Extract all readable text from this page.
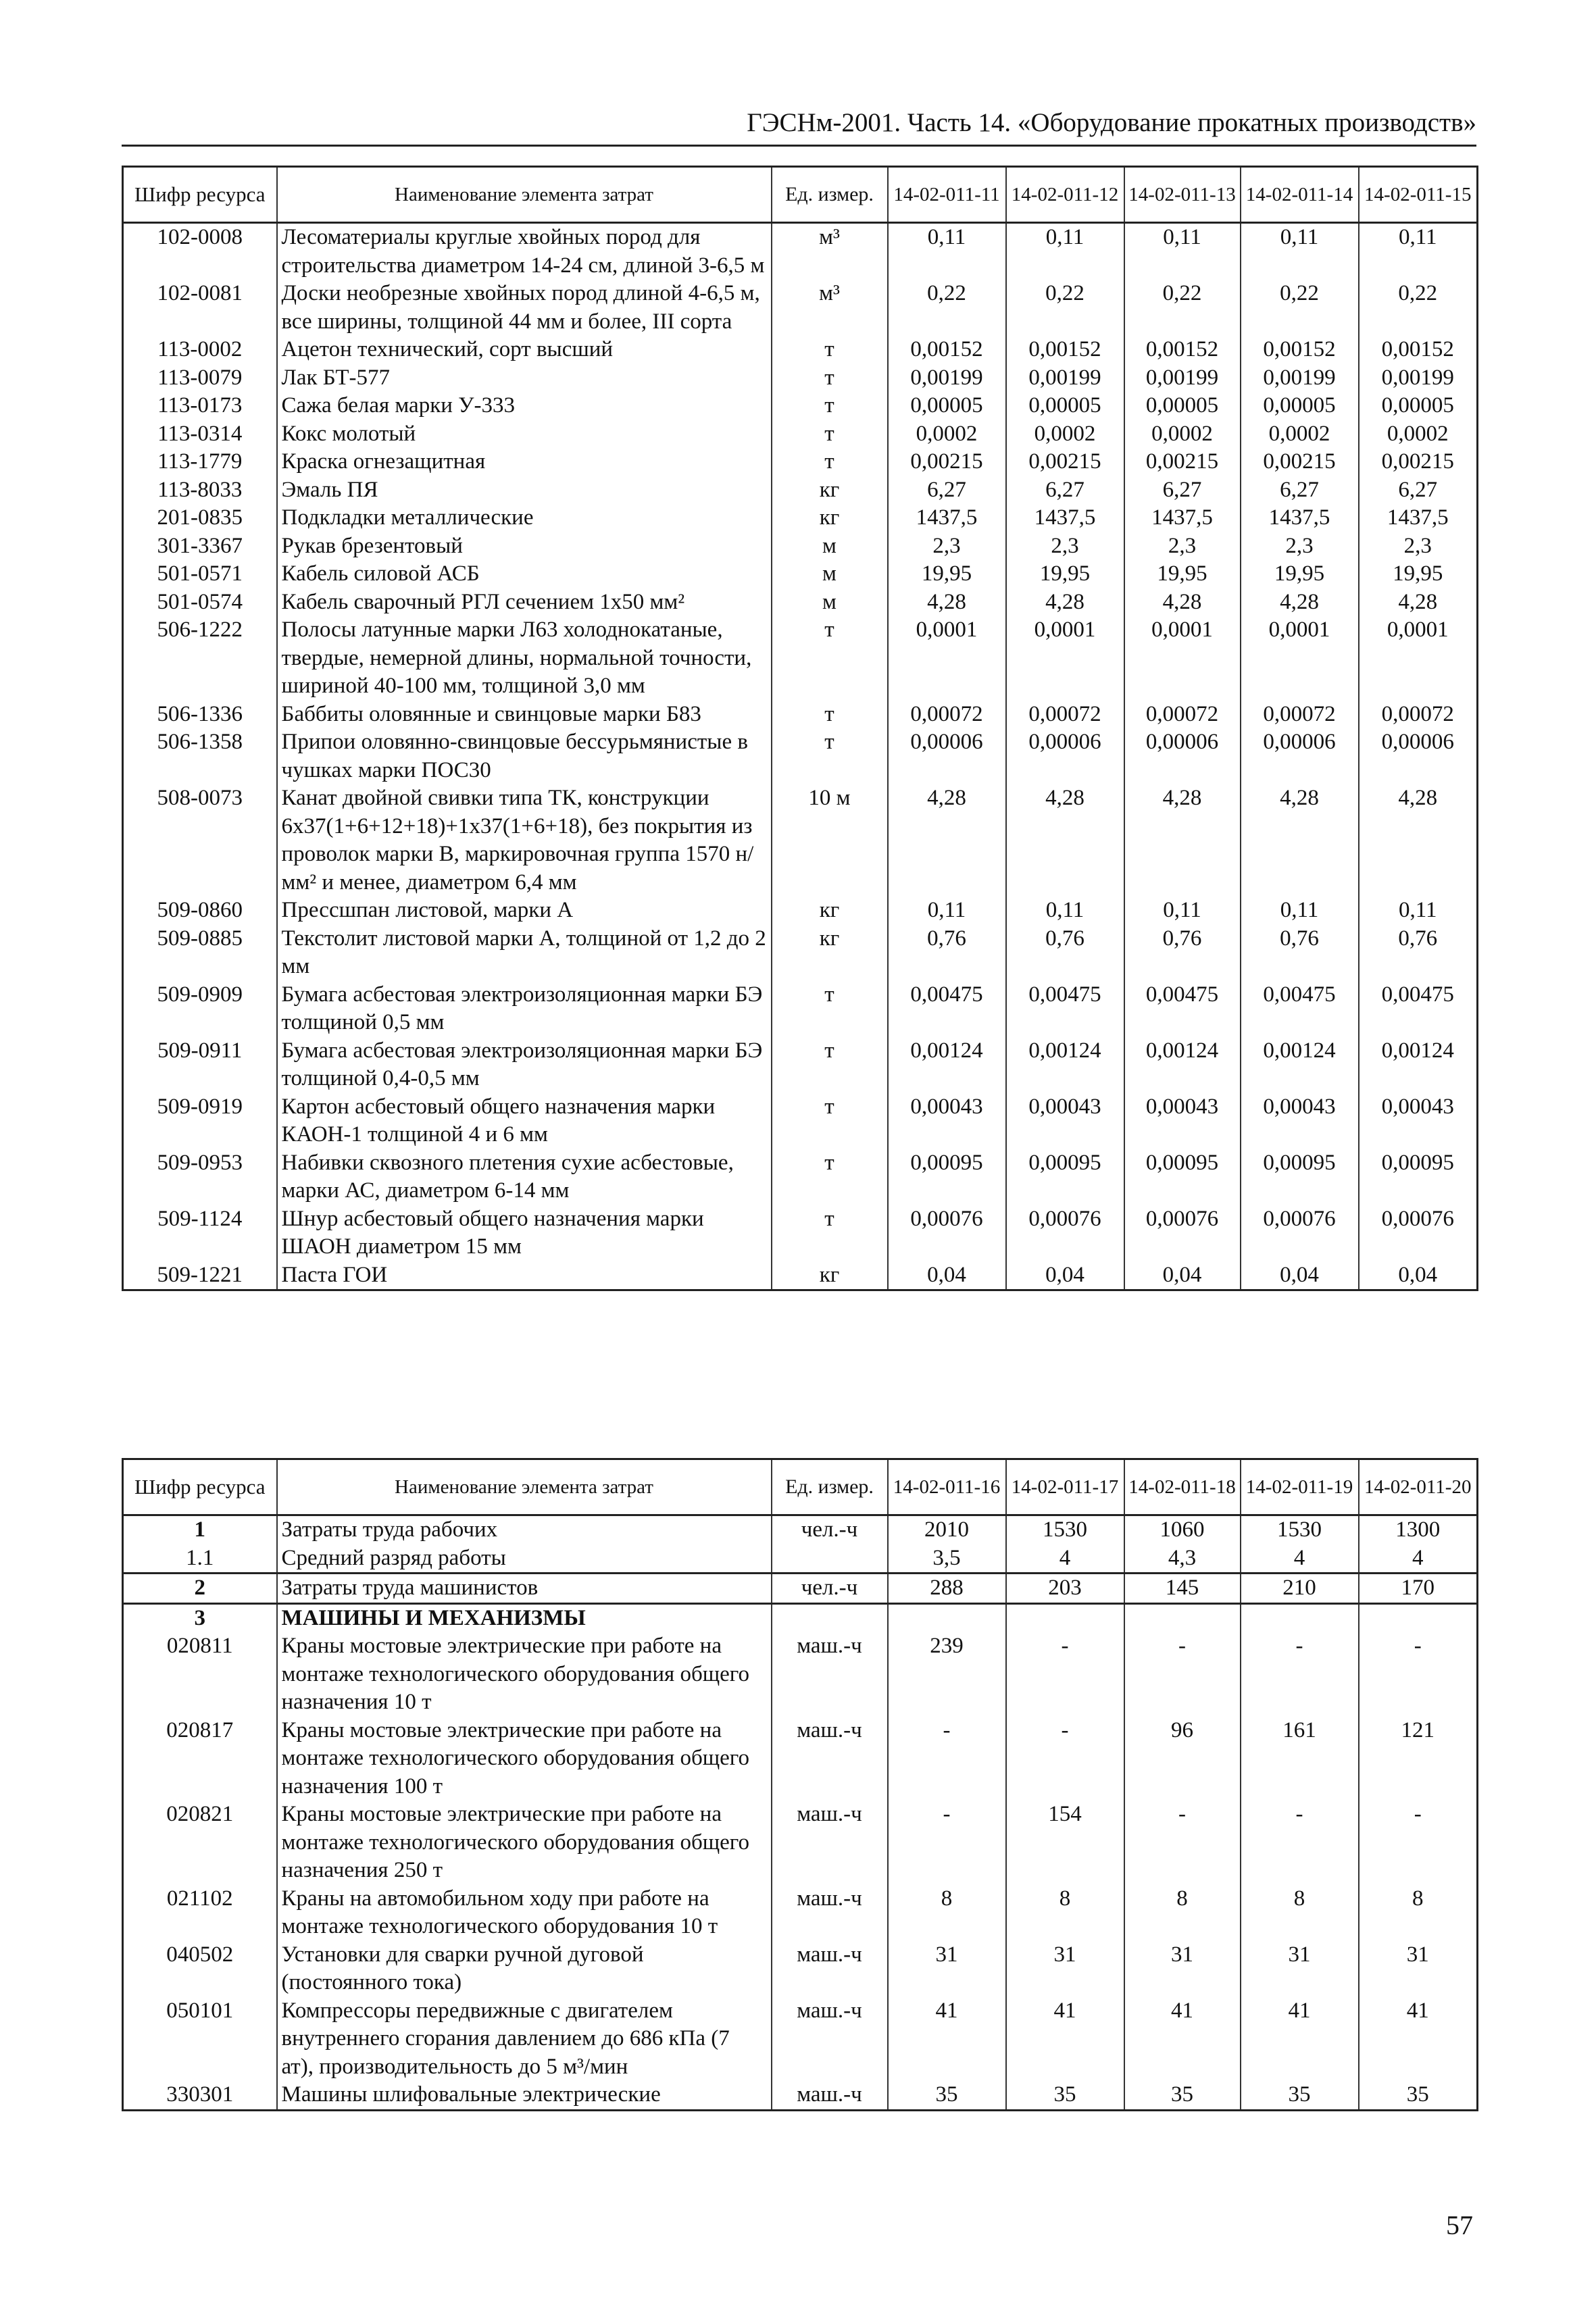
ГЭСНм-2001. Часть 14. «Оборудование прокатных производств»
Шифр ресурса	Наименование элемента затрат	Ед. измер.	14-02-011-11	14-02-011-12	14-02-011-13	14-02-011-14	14-02-011-15
102-0008	Лесоматериалы круглые хвойных пород для строительства диаметром 14-24 см, длиной 3-6,5 м	м³	0,11	0,11	0,11	0,11	0,11
102-0081	Доски необрезные хвойных пород длиной 4-6,5 м, все ширины, толщиной 44 мм и более, III сорта	м³	0,22	0,22	0,22	0,22	0,22
113-0002	Ацетон технический, сорт высший	т	0,00152	0,00152	0,00152	0,00152	0,00152
113-0079	Лак БТ-577	т	0,00199	0,00199	0,00199	0,00199	0,00199
113-0173	Сажа белая марки У-333	т	0,00005	0,00005	0,00005	0,00005	0,00005
113-0314	Кокс молотый	т	0,0002	0,0002	0,0002	0,0002	0,0002
113-1779	Краска огнезащитная	т	0,00215	0,00215	0,00215	0,00215	0,00215
113-8033	Эмаль ПЯ	кг	6,27	6,27	6,27	6,27	6,27
201-0835	Подкладки металлические	кг	1437,5	1437,5	1437,5	1437,5	1437,5
301-3367	Рукав брезентовый	м	2,3	2,3	2,3	2,3	2,3
501-0571	Кабель силовой АСБ	м	19,95	19,95	19,95	19,95	19,95
501-0574	Кабель сварочный РГЛ сечением 1х50 мм²	м	4,28	4,28	4,28	4,28	4,28
506-1222	Полосы латунные марки Л63 холоднокатаные, твердые, немерной длины, нормальной точности, шириной 40-100 мм, толщиной 3,0 мм	т	0,0001	0,0001	0,0001	0,0001	0,0001
506-1336	Баббиты оловянные и свинцовые марки Б83	т	0,00072	0,00072	0,00072	0,00072	0,00072
506-1358	Припои оловянно-свинцовые бессурьмянистые в чушках марки ПОС30	т	0,00006	0,00006	0,00006	0,00006	0,00006
508-0073	Канат двойной свивки типа ТК, конструкции 6х37(1+6+12+18)+1х37(1+6+18), без покрытия из проволок марки В, маркировочная группа 1570 н/мм² и менее, диаметром 6,4 мм	10 м	4,28	4,28	4,28	4,28	4,28
509-0860	Прессшпан листовой, марки А	кг	0,11	0,11	0,11	0,11	0,11
509-0885	Текстолит листовой марки А, толщиной от 1,2 до 2 мм	кг	0,76	0,76	0,76	0,76	0,76
509-0909	Бумага асбестовая электроизоляционная марки БЭ толщиной 0,5 мм	т	0,00475	0,00475	0,00475	0,00475	0,00475
509-0911	Бумага асбестовая электроизоляционная марки БЭ толщиной 0,4-0,5 мм	т	0,00124	0,00124	0,00124	0,00124	0,00124
509-0919	Картон асбестовый общего назначения марки КАОН-1 толщиной 4 и 6 мм	т	0,00043	0,00043	0,00043	0,00043	0,00043
509-0953	Набивки сквозного плетения сухие асбестовые, марки АС, диаметром 6-14 мм	т	0,00095	0,00095	0,00095	0,00095	0,00095
509-1124	Шнур асбестовый общего назначения марки ШАОН диаметром 15 мм	т	0,00076	0,00076	0,00076	0,00076	0,00076
509-1221	Паста ГОИ	кг	0,04	0,04	0,04	0,04	0,04
Шифр ресурса	Наименование элемента затрат	Ед. измер.	14-02-011-16	14-02-011-17	14-02-011-18	14-02-011-19	14-02-011-20
1	Затраты труда рабочих	чел.-ч	2010	1530	1060	1530	1300
1.1	Средний разряд работы		3,5	4	4,3	4	4
2	Затраты труда машинистов	чел.-ч	288	203	145	210	170
3	МАШИНЫ И МЕХАНИЗМЫ						
020811	Краны мостовые электрические при работе на монтаже технологического оборудования общего назначения 10 т	маш.-ч	239	-	-	-	-
020817	Краны мостовые электрические при работе на монтаже технологического оборудования общего назначения 100 т	маш.-ч	-	-	96	161	121
020821	Краны мостовые электрические при работе на монтаже технологического оборудования общего назначения 250 т	маш.-ч	-	154	-	-	-
021102	Краны на автомобильном ходу при работе на монтаже технологического оборудования 10 т	маш.-ч	8	8	8	8	8
040502	Установки для сварки ручной дуговой (постоянного тока)	маш.-ч	31	31	31	31	31
050101	Компрессоры передвижные с двигателем внутреннего сгорания давлением до 686 кПа (7 ат), производительность до 5 м³/мин	маш.-ч	41	41	41	41	41
330301	Машины шлифовальные электрические	маш.-ч	35	35	35	35	35
57
